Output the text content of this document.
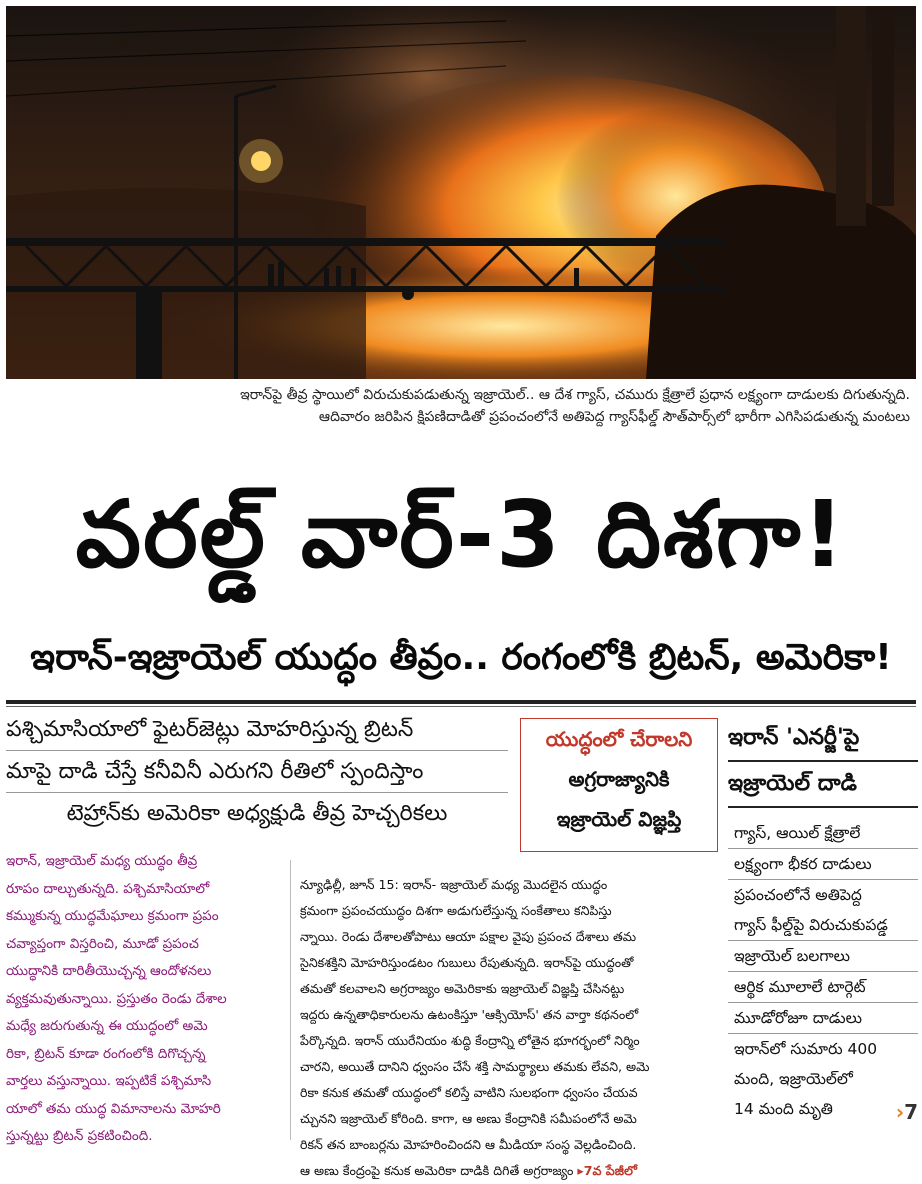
ఇరాన్‌పై తీవ్ర స్థాయిలో విరుచుకుపడుతున్న ఇజ్రాయెల్.. ఆ దేశ గ్యాస్, చమురు క్షేత్రాలే ప్రధాన లక్ష్యంగా దాడులకు దిగుతున్నది.
ఆదివారం జరిపిన క్షిపణిదాడితో ప్రపంచంలోనే అతిపెద్ద గ్యాస్‌ఫీల్డ్ సౌత్‌పార్స్‌లో భారీగా ఎగిసిపడుతున్న మంటలు
వరల్డ్ వార్-3 దిశగా!
ఇరాన్-ఇజ్రాయెల్ యుద్ధం తీవ్రం.. రంగంలోకి బ్రిటన్, అమెరికా!
పశ్చిమాసియాలో ఫైటర్‌జెట్లు మోహరిస్తున్న బ్రిటన్
మాపై దాడి చేస్తే కనీవినీ ఎరుగని రీతిలో స్పందిస్తాం
టెహ్రాన్‌కు అమెరికా అధ్యక్షుడి తీవ్ర హెచ్చరికలు
యుద్ధంలో చేరాలని
అగ్రరాజ్యానికి
ఇజ్రాయెల్ విజ్ఞప్తి
ఇరాన్, ఇజ్రాయెల్ మధ్య యుద్ధం తీవ్ర
రూపం దాల్చుతున్నది. పశ్చిమాసియాలో
కమ్ముకున్న యుద్ధమేఘాలు క్రమంగా ప్రపం
చవ్యాప్తంగా విస్తరించి, మూడో ప్రపంచ
యుద్ధానికి దారితీయొచ్చన్న ఆందోళనలు
వ్యక్తమవుతున్నాయి. ప్రస్తుతం రెండు దేశాల
మధ్యే జరుగుతున్న ఈ యుద్ధంలో అమె
రికా, బ్రిటన్ కూడా రంగంలోకి దిగొచ్చన్న
వార్తలు వస్తున్నాయి. ఇప్పటికే పశ్చిమాసి
యాలో తమ యుద్ధ విమానాలను మోహరి
స్తున్నట్టు బ్రిటన్ ప్రకటించింది.
న్యూఢిల్లీ, జూన్ 15: ఇరాన్- ఇజ్రాయెల్ మధ్య మొదలైన యుద్ధం
క్రమంగా ప్రపంచయుద్ధం దిశగా అడుగులేస్తున్న సంకేతాలు కనిపిస్తు
న్నాయి. రెండు దేశాలతోపాటు ఆయా పక్షాల వైపు ప్రపంచ దేశాలు తమ
సైనికశక్తిని మోహరిస్తుండటం గుబులు రేపుతున్నది. ఇరాన్‌పై యుద్ధంతో
తమతో కలవాలని అగ్రరాజ్యం అమెరికాకు ఇజ్రాయెల్ విజ్ఞప్తి చేసినట్టు
ఇద్దరు ఉన్నతాధికారులను ఉటంకిస్తూ 'ఆక్సియోస్' తన వార్తా కథనంలో
పేర్కొన్నది. ఇరాన్ యురేనియం శుద్ధి కేంద్రాన్ని లోతైన భూగర్భంలో నిర్మిం
చారని, అయితే దానిని ధ్వంసం చేసే శక్తి సామర్థ్యాలు తమకు లేవని, అమె
రికా కనుక తమతో యుద్ధంలో కలిస్తే వాటిని సులభంగా ధ్వంసం చేయవ
చ్చునని ఇజ్రాయెల్ కోరింది. కాగా, ఆ అణు కేంద్రానికి సమీపంలోనే అమె
రికన్ తన బాంబర్లను మోహరించిందని ఆ మీడియా సంస్థ వెల్లడించింది.
ఆ అణు కేంద్రంపై కనుక అమెరికా దాడికి దిగితే అగ్రరాజ్యం ▸7వ పేజీలో
ఇరాన్ 'ఎనర్జీ'పై
ఇజ్రాయెల్ దాడి
గ్యాస్, ఆయిల్ క్షేత్రాలే
లక్ష్యంగా భీకర దాడులు
ప్రపంచంలోనే అతిపెద్ద
గ్యాస్ ఫీల్డ్‌పై విరుచుకుపడ్డ
ఇజ్రాయెల్ బలగాలు
ఆర్థిక మూలాలే టార్గెట్
మూడోరోజూ దాడులు
ఇరాన్‌లో సుమారు 400
మంది, ఇజ్రాయెల్‌లో
14 మంది మృతి	›7
